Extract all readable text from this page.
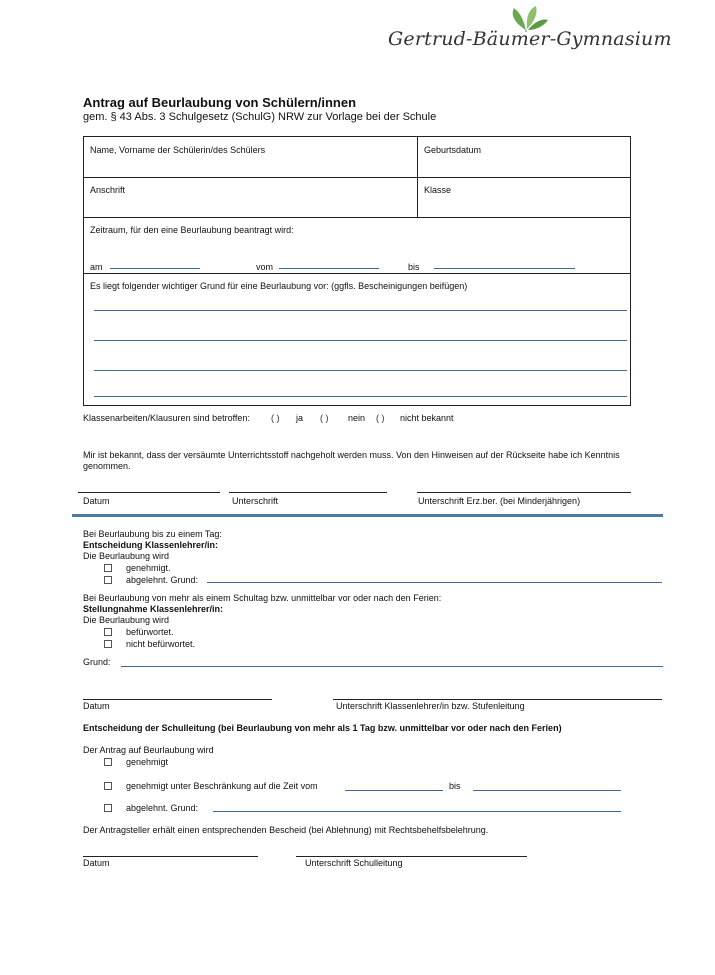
Gertrud-Bäumer-Gymnasium
Antrag auf Beurlaubung von Schülern/innen
gem. § 43 Abs. 3 Schulgesetz (SchulG) NRW zur Vorlage bei der Schule
Name, Vorname der Schülerin/des Schülers	Geburtsdatum
Anschrift	Klasse
Zeitraum, für den eine Beurlaubung beantragt wird:
am	vom	bis
Es liegt folgender wichtiger Grund für eine Beurlaubung vor: (ggfls. Bescheinigungen beifügen)
Klassenarbeiten/Klausuren sind betroffen: ( ) ja ( ) nein ( ) nicht bekannt
Mir ist bekannt, dass der versäumte Unterrichtsstoff nachgeholt werden muss. Von den Hinweisen auf der Rückseite habe ich Kenntnis genommen.
Datum	Unterschrift	Unterschrift Erz.ber. (bei Minderjährigen)
Bei Beurlaubung bis zu einem Tag:
Entscheidung Klassenlehrer/in:
Die Beurlaubung wird
genehmigt.
abgelehnt. Grund:
Bei Beurlaubung von mehr als einem Schultag bzw. unmittelbar vor oder nach den Ferien:
Stellungnahme Klassenlehrer/in:
Die Beurlaubung wird
befürwortet.
nicht befürwortet.
Grund:
Datum	Unterschrift Klassenlehrer/in bzw. Stufenleitung
Entscheidung der Schulleitung (bei Beurlaubung von mehr als 1 Tag bzw. unmittelbar vor oder nach den Ferien)
Der Antrag auf Beurlaubung wird
genehmigt
genehmigt unter Beschränkung auf die Zeit vom	bis
abgelehnt. Grund:
Der Antragsteller erhält einen entsprechenden Bescheid (bei Ablehnung) mit Rechtsbehelfsbelehrung.
Datum	Unterschrift Schulleitung
